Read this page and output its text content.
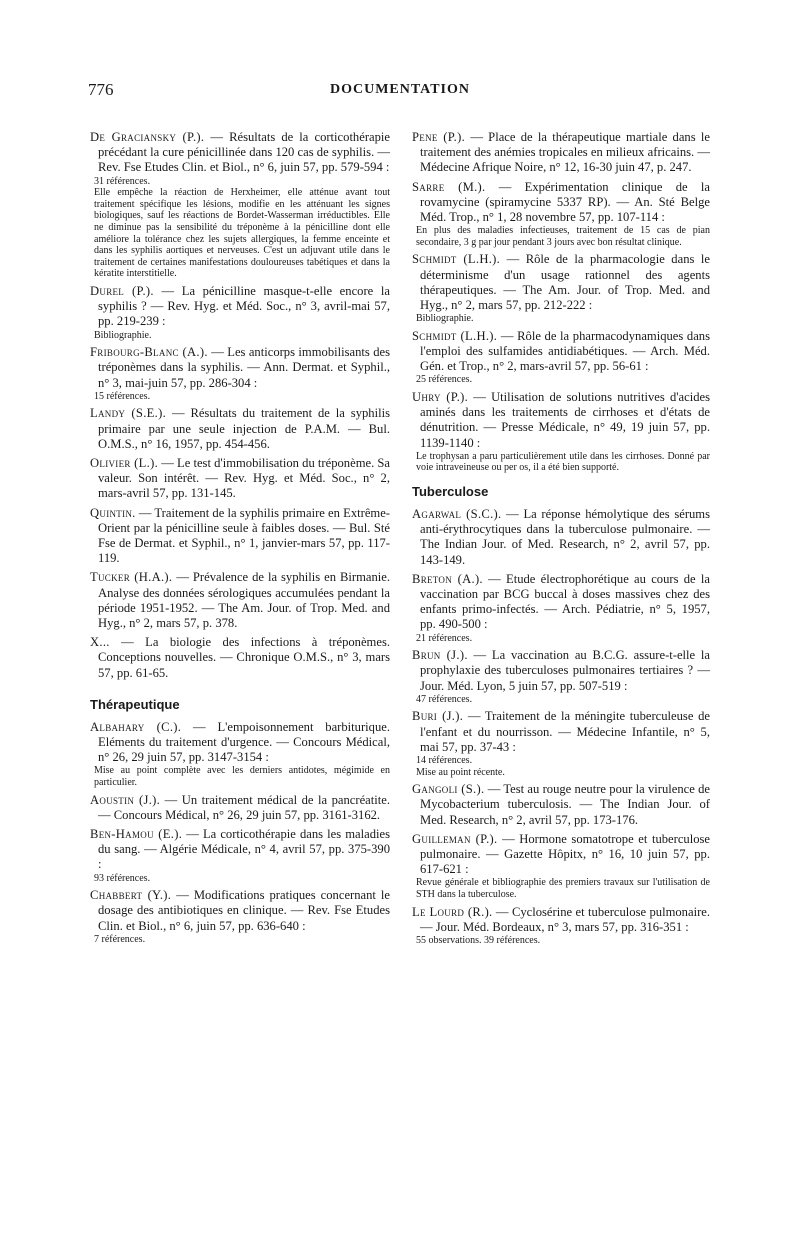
776	DOCUMENTATION

De Graciansky (P.). — Résultats de la corticothérapie précédant la cure pénicillinée dans 120 cas de syphilis. — Rev. Fse Etudes Clin. et Biol., n° 6, juin 57, pp. 579-594 :

31 références.

Elle empêche la réaction de Herxheimer, elle atténue avant tout traitement spécifique les lésions, modifie en les atténuant les signes biologiques, sauf les réactions de Bordet-Wasserman irréductibles. Elle ne diminue pas la sensibilité du tréponème à la pénicilline dont elle améliore la tolérance chez les sujets allergiques, la femme enceinte et dans les syphilis aortiques et nerveuses. C'est un adjuvant utile dans le traitement de certaines manifestations douloureuses tabétiques et dans la kératite interstitielle.

Durel (P.). — La pénicilline masque-t-elle encore la syphilis ? — Rev. Hyg. et Méd. Soc., n° 3, avril-mai 57, pp. 219-239 :

Bibliographie.

Fribourg-Blanc (A.). — Les anticorps immobilisants des tréponèmes dans la syphilis. — Ann. Dermat. et Syphil., n° 3, mai-juin 57, pp. 286-304 :

15 références.

Landy (S.E.). — Résultats du traitement de la syphilis primaire par une seule injection de P.A.M. — Bul. O.M.S., n° 16, 1957, pp. 454-456.

Olivier (L.). — Le test d'immobilisation du tréponème. Sa valeur. Son intérêt. — Rev. Hyg. et Méd. Soc., n° 2, mars-avril 57, pp. 131-145.

Quintin. — Traitement de la syphilis primaire en Extrême-Orient par la pénicilline seule à faibles doses. — Bul. Sté Fse de Dermat. et Syphil., n° 1, janvier-mars 57, pp. 117-119.

Tucker (H.A.). — Prévalence de la syphilis en Birmanie. Analyse des données sérologiques accumulées pendant la période 1951-1952. — The Am. Jour. of Trop. Med. and Hyg., n° 2, mars 57, p. 378.

X... — La biologie des infections à tréponèmes. Conceptions nouvelles. — Chronique O.M.S., n° 3, mars 57, pp. 61-65.

Thérapeutique

Albahary (C.). — L'empoisonnement barbiturique. Eléments du traitement d'urgence. — Concours Médical, n° 26, 29 juin 57, pp. 3147-3154 :

Mise au point complète avec les derniers antidotes, mégimide en particulier.

Aoustin (J.). — Un traitement médical de la pancréatite. — Concours Médical, n° 26, 29 juin 57, pp. 3161-3162.

Ben-Hamou (E.). — La corticothérapie dans les maladies du sang. — Algérie Médicale, n° 4, avril 57, pp. 375-390 :

93 références.

Chabbert (Y.). — Modifications pratiques concernant le dosage des antibiotiques en clinique. — Rev. Fse Etudes Clin. et Biol., n° 6, juin 57, pp. 636-640 :

7 références.

Pene (P.). — Place de la thérapeutique martiale dans le traitement des anémies tropicales en milieux africains. — Médecine Afrique Noire, n° 12, 16-30 juin 47, p. 247.

Sarre (M.). — Expérimentation clinique de la rovamycine (spiramycine 5337 RP). — An. Sté Belge Méd. Trop., n° 1, 28 novembre 57, pp. 107-114 :

En plus des maladies infectieuses, traitement de 15 cas de pian secondaire, 3 g par jour pendant 3 jours avec bon résultat clinique.

Schmidt (L.H.). — Rôle de la pharmacologie dans le déterminisme d'un usage rationnel des agents thérapeutiques. — The Am. Jour. of Trop. Med. and Hyg., n° 2, mars 57, pp. 212-222 :

Bibliographie.

Schmidt (L.H.). — Rôle de la pharmacodynamiques dans l'emploi des sulfamides antidiabétiques. — Arch. Méd. Gén. et Trop., n° 2, mars-avril 57, pp. 56-61 :

25 références.

Uhry (P.). — Utilisation de solutions nutritives d'acides aminés dans les traitements de cirrhoses et d'états de dénutrition. — Presse Médicale, n° 49, 19 juin 57, pp. 1139-1140 :

Le trophysan a paru particulièrement utile dans les cirrhoses. Donné par voie intraveineuse ou per os, il a été bien supporté.

Tuberculose

Agarwal (S.C.). — La réponse hémolytique des sérums anti-érythrocytiques dans la tuberculose pulmonaire. — The Indian Jour. of Med. Research, n° 2, avril 57, pp. 143-149.

Breton (A.). — Etude électrophorétique au cours de la vaccination par BCG buccal à doses massives chez des enfants primo-infectés. — Arch. Pédiatrie, n° 5, 1957, pp. 490-500 :

21 références.

Brun (J.). — La vaccination au B.C.G. assure-t-elle la prophylaxie des tuberculoses pulmonaires tertiaires ? — Jour. Méd. Lyon, 5 juin 57, pp. 507-519 :

47 références.

Buri (J.). — Traitement de la méningite tuberculeuse de l'enfant et du nourrisson. — Médecine Infantile, n° 5, mai 57, pp. 37-43 :

14 références.

Mise au point récente.

Gangoli (S.). — Test au rouge neutre pour la virulence de Mycobacterium tuberculosis. — The Indian Jour. of Med. Research, n° 2, avril 57, pp. 173-176.

Guilleman (P.). — Hormone somatotrope et tuberculose pulmonaire. — Gazette Hôpitx, n° 16, 10 juin 57, pp. 617-621 :

Revue générale et bibliographie des premiers travaux sur l'utilisation de STH dans la tuberculose.

Le Lourd (R.). — Cyclosérine et tuberculose pulmonaire. — Jour. Méd. Bordeaux, n° 3, mars 57, pp. 316-351 :

55 observations. 39 références.
